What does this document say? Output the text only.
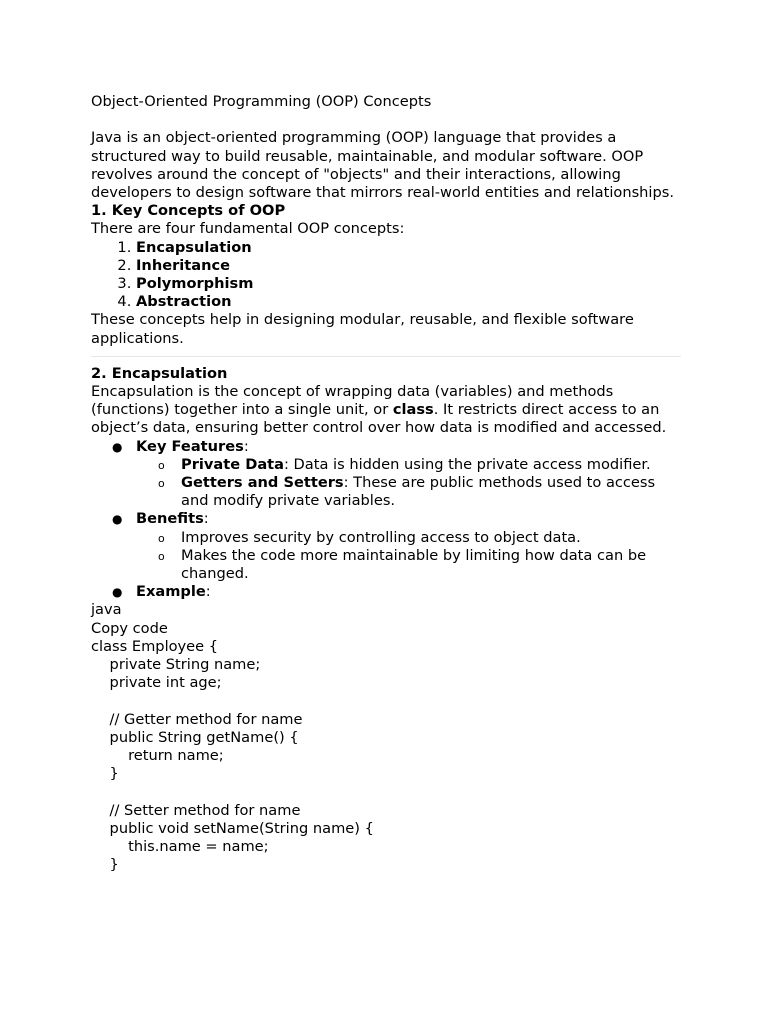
Object-Oriented Programming (OOP) Concepts

Java is an object-oriented programming (OOP) language that provides a structured way to build reusable, maintainable, and modular software. OOP revolves around the concept of "objects" and their interactions, allowing developers to design software that mirrors real-world entities and relationships.

1. Key Concepts of OOP

There are four fundamental OOP concepts:

1. Encapsulation
2. Inheritance
3. Polymorphism
4. Abstraction

These concepts help in designing modular, reusable, and flexible software applications.

2. Encapsulation

Encapsulation is the concept of wrapping data (variables) and methods (functions) together into a single unit, or class. It restricts direct access to an object’s data, ensuring better control over how data is modified and accessed.

● Key Features:
o Private Data: Data is hidden using the private access modifier.
o Getters and Setters: These are public methods used to access and modify private variables.
● Benefits:
o Improves security by controlling access to object data.
o Makes the code more maintainable by limiting how data can be changed.
● Example:

java

Copy code

class Employee {
private String name;
private int age;

// Getter method for name
public String getName() {
return name;
}

// Setter method for name
public void setName(String name) {
this.name = name;
}
